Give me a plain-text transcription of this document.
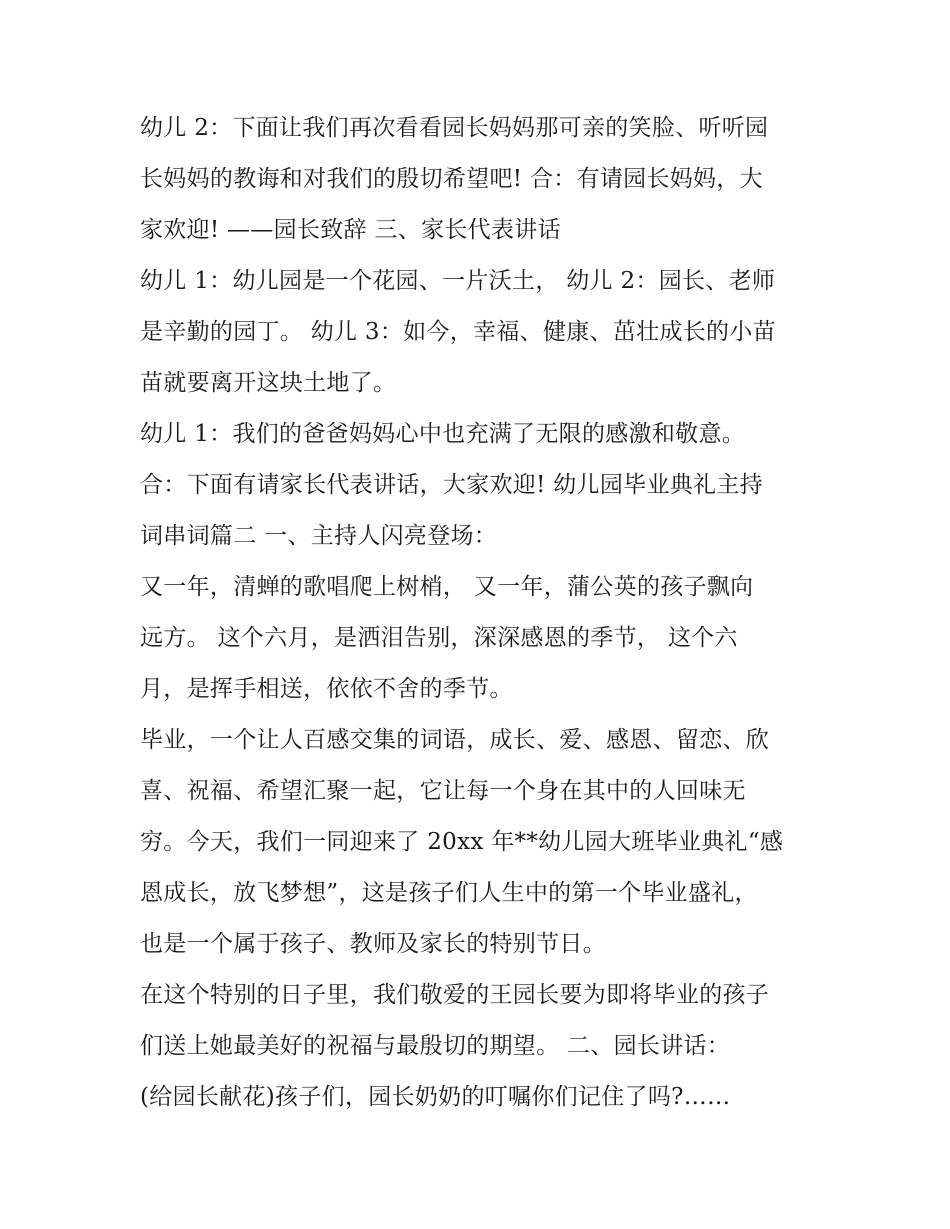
幼儿 2：下面让我们再次看看园长妈妈那可亲的笑脸、听听园
长妈妈的教诲和对我们的殷切希望吧! 合：有请园长妈妈，大
家欢迎! ——园长致辞 三、家长代表讲话
幼儿 1：幼儿园是一个花园、一片沃土， 幼儿 2：园长、老师
是辛勤的园丁。 幼儿 3：如今，幸福、健康、茁壮成长的小苗
苗就要离开这块土地了。
幼儿 1：我们的爸爸妈妈心中也充满了无限的感激和敬意。
合：下面有请家长代表讲话，大家欢迎! 幼儿园毕业典礼主持
词串词篇二 一、主持人闪亮登场：
又一年，清蝉的歌唱爬上树梢， 又一年，蒲公英的孩子飘向
远方。 这个六月，是洒泪告别，深深感恩的季节， 这个六
月，是挥手相送，依依不舍的季节。
毕业，一个让人百感交集的词语，成长、爱、感恩、留恋、欣
喜、祝福、希望汇聚一起，它让每一个身在其中的人回味无
穷。今天，我们一同迎来了 20xx 年**幼儿园大班毕业典礼“感
恩成长，放飞梦想”，这是孩子们人生中的第一个毕业盛礼，
也是一个属于孩子、教师及家长的特别节日。
在这个特别的日子里，我们敬爱的王园长要为即将毕业的孩子
们送上她最美好的祝福与最殷切的期望。 二、园长讲话：
(给园长献花)孩子们，园长奶奶的叮嘱你们记住了吗?……
